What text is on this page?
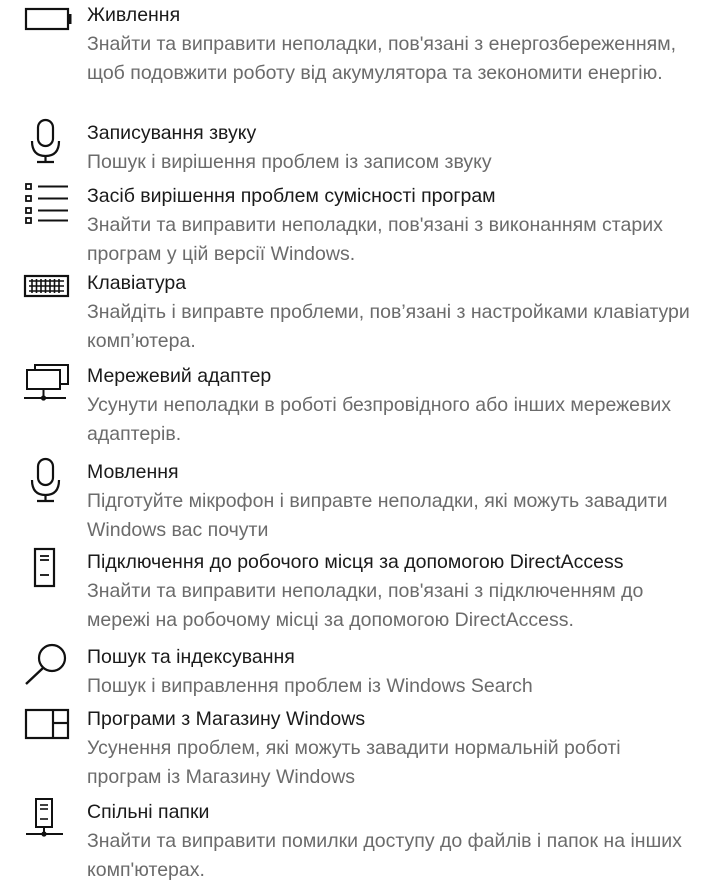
Живлення
Знайти та виправити неполадки, пов'язані з енергозбереженням, щоб подовжити роботу від акумулятора та зекономити енергію.
Записування звуку
Пошук і вирішення проблем із записом звуку
Засіб вирішення проблем сумісності програм
Знайти та виправити неполадки, пов'язані з виконанням старих програм у цій версії Windows.
Клавіатура
Знайдіть і виправте проблеми, пов’язані з настройками клавіатури комп’ютера.
Мережевий адаптер
Усунути неполадки в роботі безпровідного або інших мережевих адаптерів.
Мовлення
Підготуйте мікрофон і виправте неполадки, які можуть завадити Windows вас почути
Підключення до робочого місця за допомогою DirectAccess
Знайти та виправити неполадки, пов'язані з підключенням до мережі на робочому місці за допомогою DirectAccess.
Пошук та індексування
Пошук і виправлення проблем із Windows Search
Програми з Магазину Windows
Усунення проблем, які можуть завадити нормальній роботі програм із Магазину Windows
Спільні папки
Знайти та виправити помилки доступу до файлів і папок на інших комп'ютерах.
